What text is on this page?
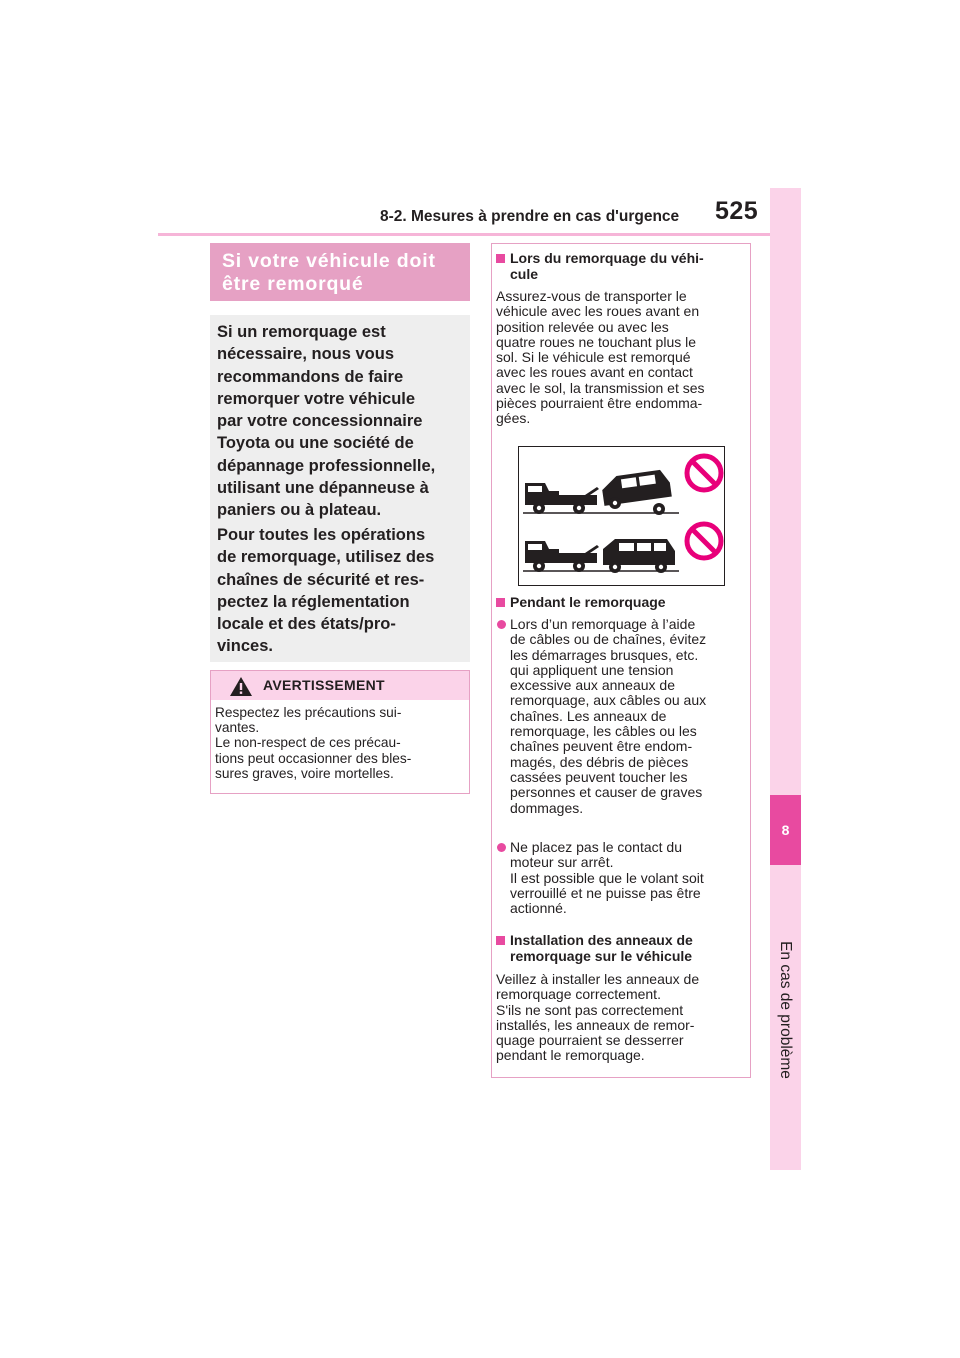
8-2. Mesures à prendre en cas d'urgence 525
8
En cas de problème
Si votre véhicule doit
être remorqué
Si un remorquage est
nécessaire, nous vous
recommandons de faire
remorquer votre véhicule
par votre concessionnaire
Toyota ou une société de
dépannage professionnelle,
utilisant une dépanneuse à
paniers ou à plateau.
Pour toutes les opérations
de remorquage, utilisez des
chaînes de sécurité et res-
pectez la réglementation
locale et des états/pro-
vinces.
AVERTISSEMENT
Respectez les précautions sui-
vantes.
Le non-respect de ces précau-
tions peut occasionner des bles-
sures graves, voire mortelles.
Lors du remorquage du véhi-
cule
Assurez-vous de transporter le
véhicule avec les roues avant en
position relevée ou avec les
quatre roues ne touchant plus le
sol. Si le véhicule est remorqué
avec les roues avant en contact
avec le sol, la transmission et ses
pièces pourraient être endomma-
gées.
Pendant le remorquage
Lors d’un remorquage à l’aide
de câbles ou de chaînes, évitez
les démarrages brusques, etc.
qui appliquent une tension
excessive aux anneaux de
remorquage, aux câbles ou aux
chaînes. Les anneaux de
remorquage, les câbles ou les
chaînes peuvent être endom-
magés, des débris de pièces
cassées peuvent toucher les
personnes et causer de graves
dommages.
Ne placez pas le contact du
moteur sur arrêt.
Il est possible que le volant soit
verrouillé et ne puisse pas être
actionné.
Installation des anneaux de
remorquage sur le véhicule
Veillez à installer les anneaux de
remorquage correctement.
S'ils ne sont pas correctement
installés, les anneaux de remor-
quage pourraient se desserrer
pendant le remorquage.
